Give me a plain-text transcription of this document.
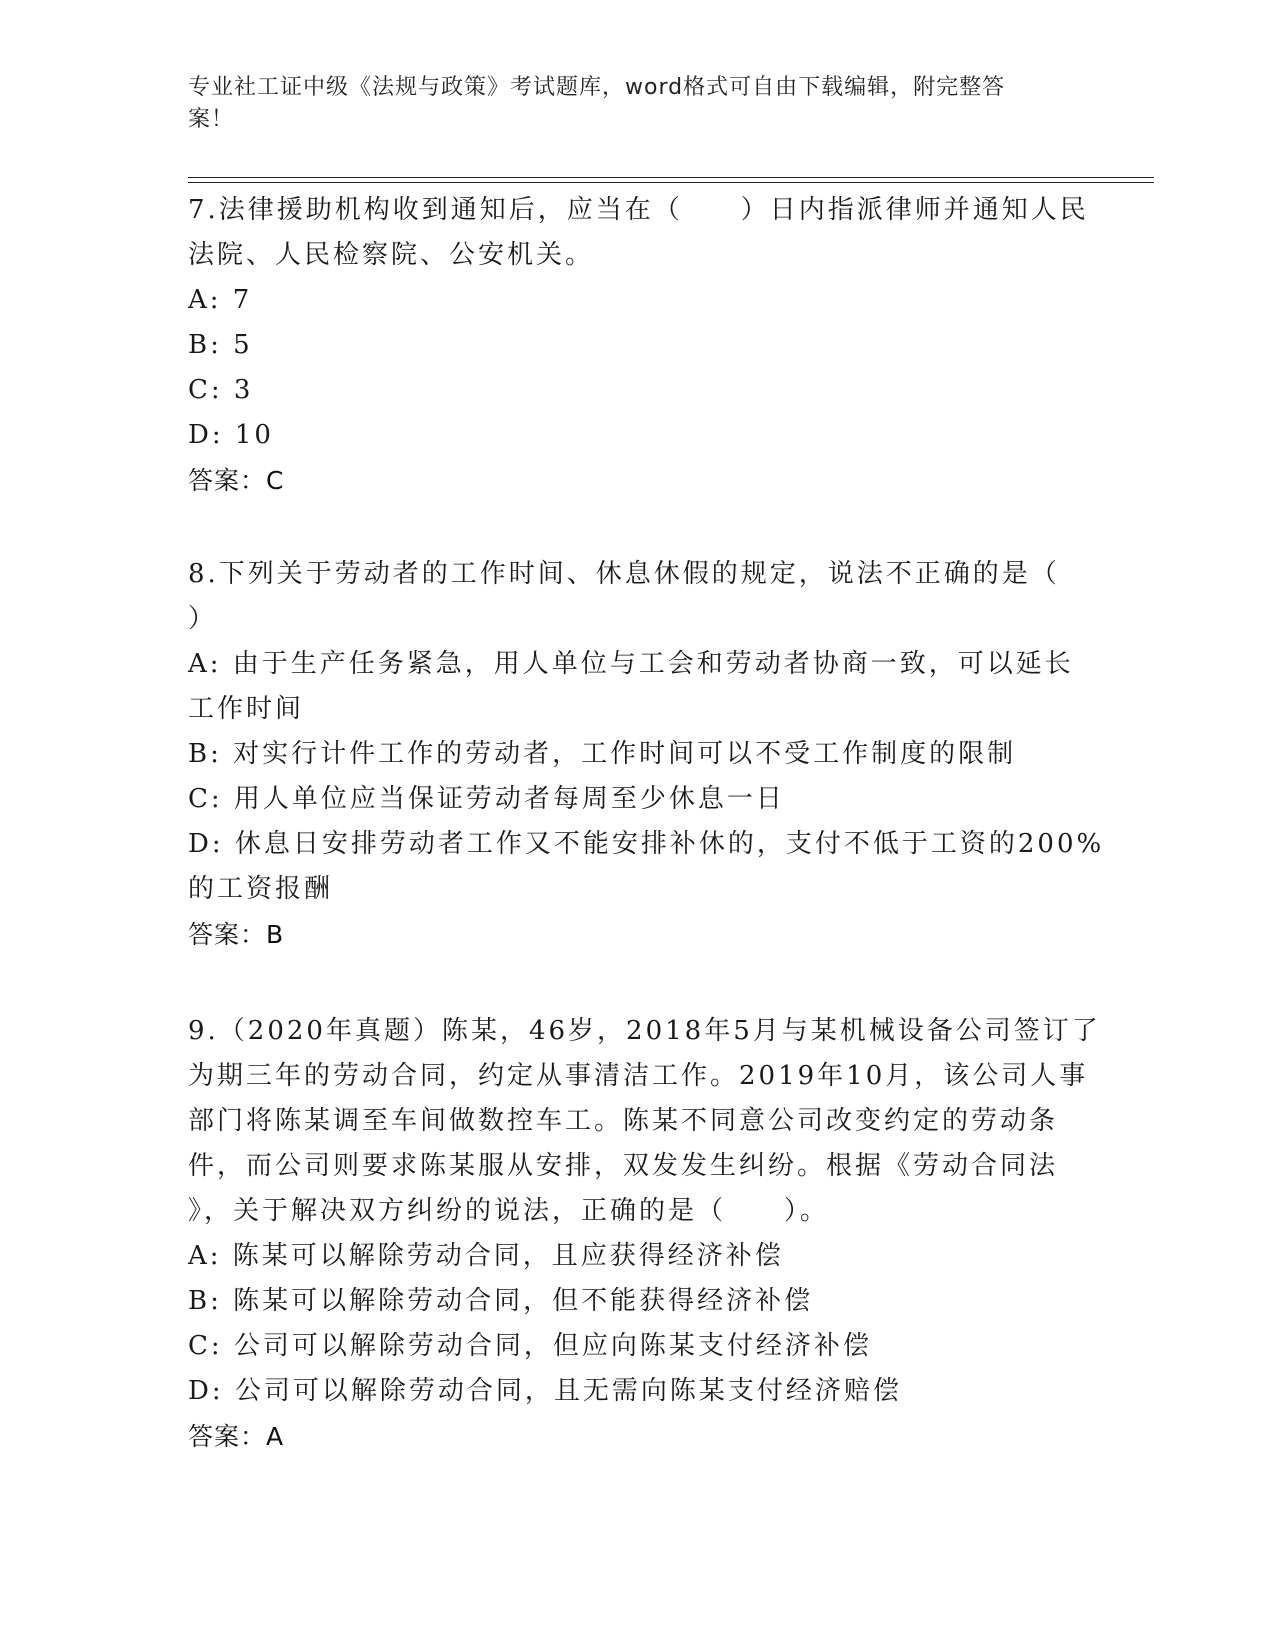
专业社工证中级《法规与政策》考试题库，word格式可自由下载编辑，附完整答
案！
7.法律援助机构收到通知后，应当在（　　）日内指派律师并通知人民
法院、人民检察院、公安机关。
A: 7
B: 5
C: 3
D: 10
答案：C
8.下列关于劳动者的工作时间、休息休假的规定，说法不正确的是（
）
A: 由于生产任务紧急，用人单位与工会和劳动者协商一致，可以延长
工作时间
B: 对实行计件工作的劳动者，工作时间可以不受工作制度的限制
C: 用人单位应当保证劳动者每周至少休息一日
D: 休息日安排劳动者工作又不能安排补休的，支付不低于工资的200%
的工资报酬
答案：B
9.（2020年真题）陈某，46岁，2018年5月与某机械设备公司签订了
为期三年的劳动合同，约定从事清洁工作。2019年10月，该公司人事
部门将陈某调至车间做数控车工。陈某不同意公司改变约定的劳动条
件，而公司则要求陈某服从安排，双发发生纠纷。根据《劳动合同法
》，关于解决双方纠纷的说法，正确的是（　　）。
A: 陈某可以解除劳动合同，且应获得经济补偿
B: 陈某可以解除劳动合同，但不能获得经济补偿
C: 公司可以解除劳动合同，但应向陈某支付经济补偿
D: 公司可以解除劳动合同，且无需向陈某支付经济赔偿
答案：A
